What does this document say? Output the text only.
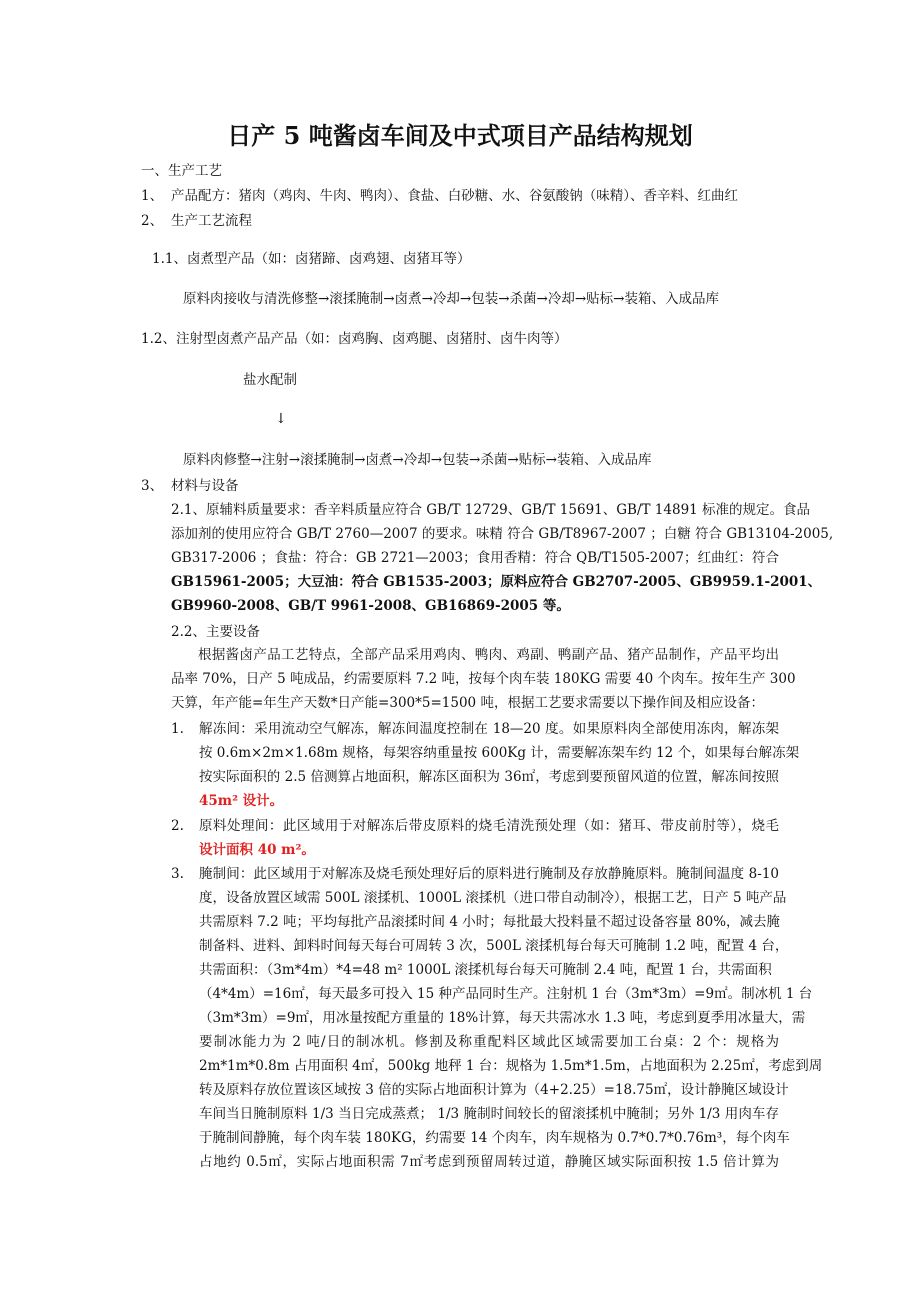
日产 5 吨酱卤车间及中式项目产品结构规划
一、生产工艺
1、 产品配方：猪肉（鸡肉、牛肉、鸭肉）、食盐、白砂糖、水、谷氨酸钠（味精）、香辛料、红曲红
2、 生产工艺流程
1.1、卤煮型产品（如：卤猪蹄、卤鸡翅、卤猪耳等）
原料肉接收与清洗修整→滚揉腌制→卤煮→冷却→包装→杀菌→冷却→贴标→装箱、入成品库
1.2、注射型卤煮产品产品（如：卤鸡胸、卤鸡腿、卤猪肘、卤牛肉等）
盐水配制
↓
原料肉修整→注射→滚揉腌制→卤煮→冷却→包装→杀菌→贴标→装箱、入成品库
3、 材料与设备
2.1、原辅料质量要求：香辛料质量应符合 GB/T 12729、GB/T 15691、GB/T 14891 标准的规定。食品
添加剂的使用应符合 GB/T 2760—2007 的要求。味精 符合 GB/T8967-2007 ；白糖 符合 GB13104-2005,
GB317-2006 ；食盐：符合：GB 2721—2003；食用香精：符合 QB/T1505-2007；红曲红：符合
GB15961-2005；大豆油：符合 GB1535-2003；原料应符合 GB2707-2005、GB9959.1-2001、
GB9960-2008、GB/T 9961-2008、GB16869-2005 等。
2.2、主要设备
根据酱卤产品工艺特点，全部产品采用鸡肉、鸭肉、鸡副、鸭副产品、猪产品制作，产品平均出
品率 70%，日产 5 吨成品，约需要原料 7.2 吨，按每个肉车装 180KG 需要 40 个肉车。按年生产 300
天算，年产能=年生产天数*日产能=300*5=1500 吨，根据工艺要求需要以下操作间及相应设备：
1. 解冻间：采用流动空气解冻，解冻间温度控制在 18—20 度。如果原料肉全部使用冻肉，解冻架
按 0.6m×2m×1.68m 规格，每架容纳重量按 600Kg 计，需要解冻架车约 12 个，如果每台解冻架
按实际面积的 2.5 倍测算占地面积，解冻区面积为 36㎡，考虑到要预留风道的位置，解冻间按照
45m² 设计。
2. 原料处理间：此区域用于对解冻后带皮原料的烧毛清洗预处理（如：猪耳、带皮前肘等），烧毛
设计面积 40 m²。
3. 腌制间：此区域用于对解冻及烧毛预处理好后的原料进行腌制及存放静腌原料。腌制间温度 8-10
度，设备放置区域需 500L 滚揉机、1000L 滚揉机（进口带自动制冷），根据工艺，日产 5 吨产品
共需原料 7.2 吨；平均每批产品滚揉时间 4 小时；每批最大投料量不超过设备容量 80%，减去腌
制备料、进料、卸料时间每天每台可周转 3 次，500L 滚揉机每台每天可腌制 1.2 吨，配置 4 台，
共需面积：（3m*4m）*4=48 m² 1000L 滚揉机每台每天可腌制 2.4 吨，配置 1 台，共需面积
（4*4m）=16㎡，每天最多可投入 15 种产品同时生产。注射机 1 台（3m*3m）=9㎡。制冰机 1 台
（3m*3m）=9㎡，用冰量按配方重量的 18%计算，每天共需冰水 1.3 吨，考虑到夏季用冰量大，需
要制冰能力为 2 吨/日的制冰机。修割及称重配料区域此区域需要加工台桌：2 个：规格为
2m*1m*0.8m 占用面积 4㎡，500kg 地秤 1 台：规格为 1.5m*1.5m，占地面积为 2.25㎡，考虑到周
转及原料存放位置该区域按 3 倍的实际占地面积计算为（4+2.25）=18.75㎡，设计静腌区域设计
车间当日腌制原料 1/3 当日完成蒸煮； 1/3 腌制时间较长的留滚揉机中腌制；另外 1/3 用肉车存
于腌制间静腌，每个肉车装 180KG，约需要 14 个肉车，肉车规格为 0.7*0.7*0.76m³，每个肉车
占地约 0.5㎡，实际占地面积需 7㎡考虑到预留周转过道，静腌区域实际面积按 1.5 倍计算为
